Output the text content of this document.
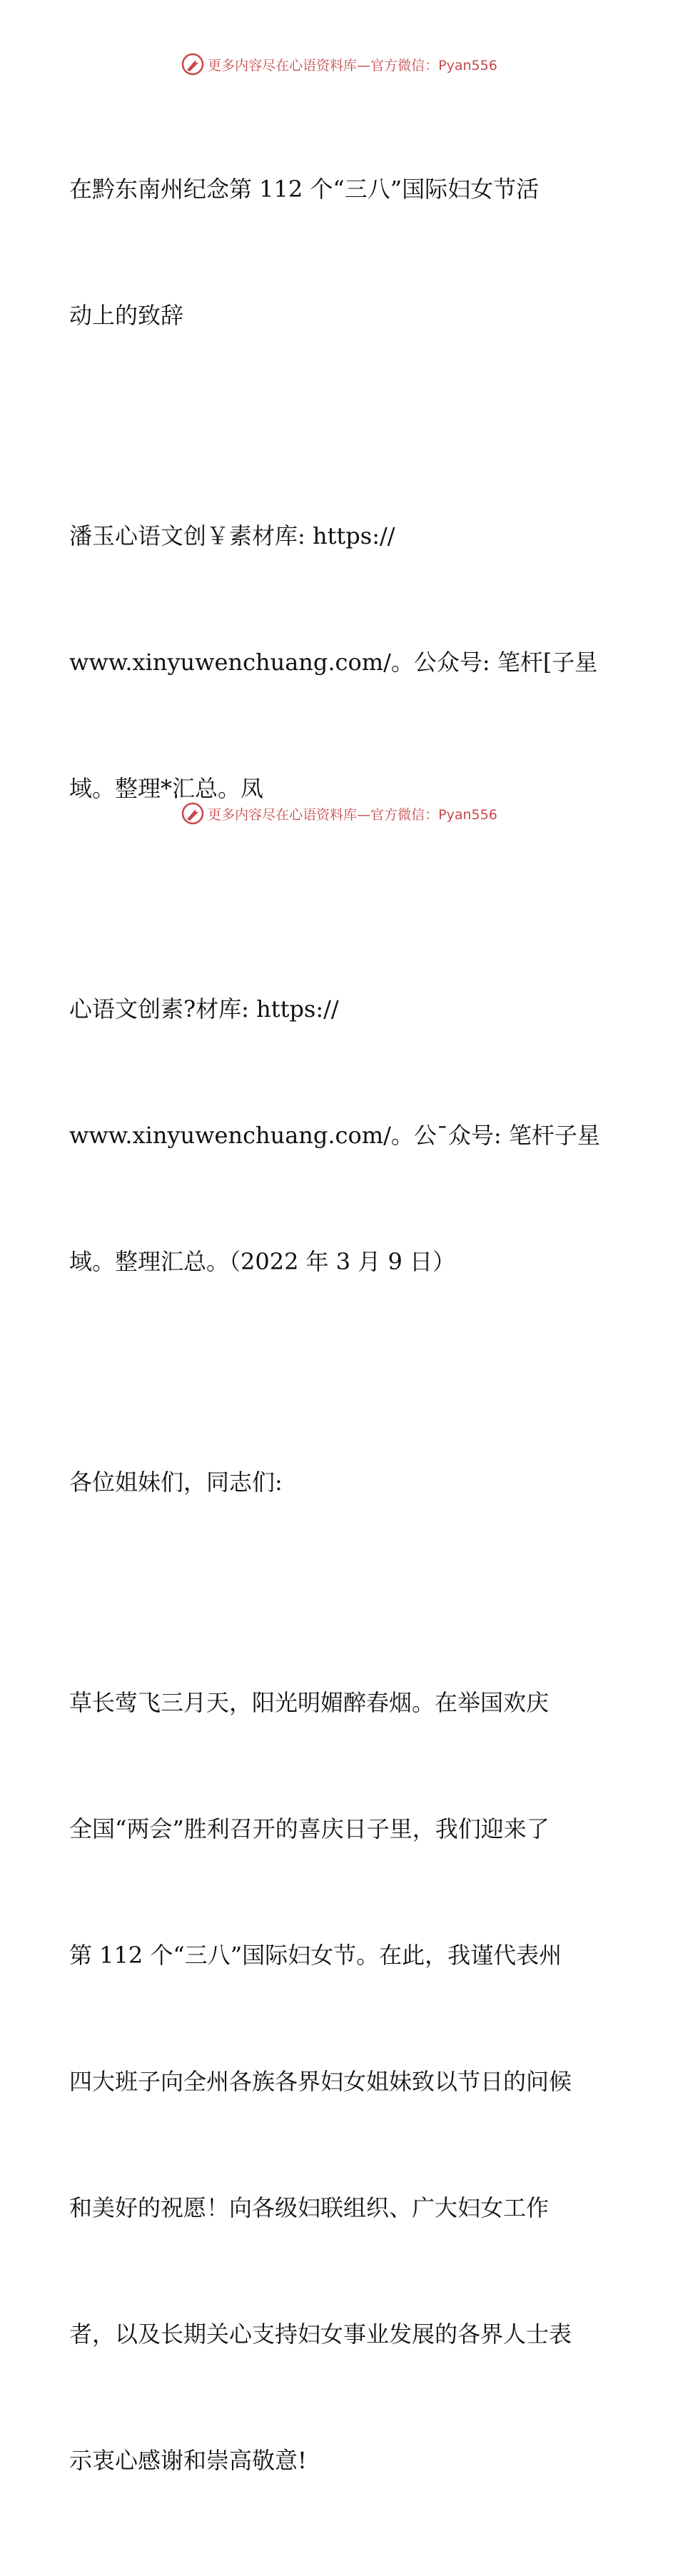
更多内容尽在心语资料库—官方微信：Pyan556

在黔东南州纪念第 112 个“三八”国际妇女节活

动上的致辞

潘玉心语文创￥素材库: https://

www.xinyuwenchuang.com/。公众号: 笔杆[子星

域。整理*汇总。凤

心语文创素?材库: https://

www.xinyuwenchuang.com/。公¯众号: 笔杆子星

域。整理汇总。（2022 年 3 月 9 日）

各位姐妹们，同志们:

草长莺飞三月天，阳光明媚醉春烟。在举国欢庆

全国“两会”胜利召开的喜庆日子里，我们迎来了

第 112 个“三八”国际妇女节。在此，我谨代表州

四大班子向全州各族各界妇女姐妹致以节日的问候

和美好的祝愿！向各级妇联组织、广大妇女工作

者，以及长期关心支持妇女事业发展的各界人士表

示衷心感谢和崇高敬意!

更多内容尽在心语资料库—官方微信：Pyan556
